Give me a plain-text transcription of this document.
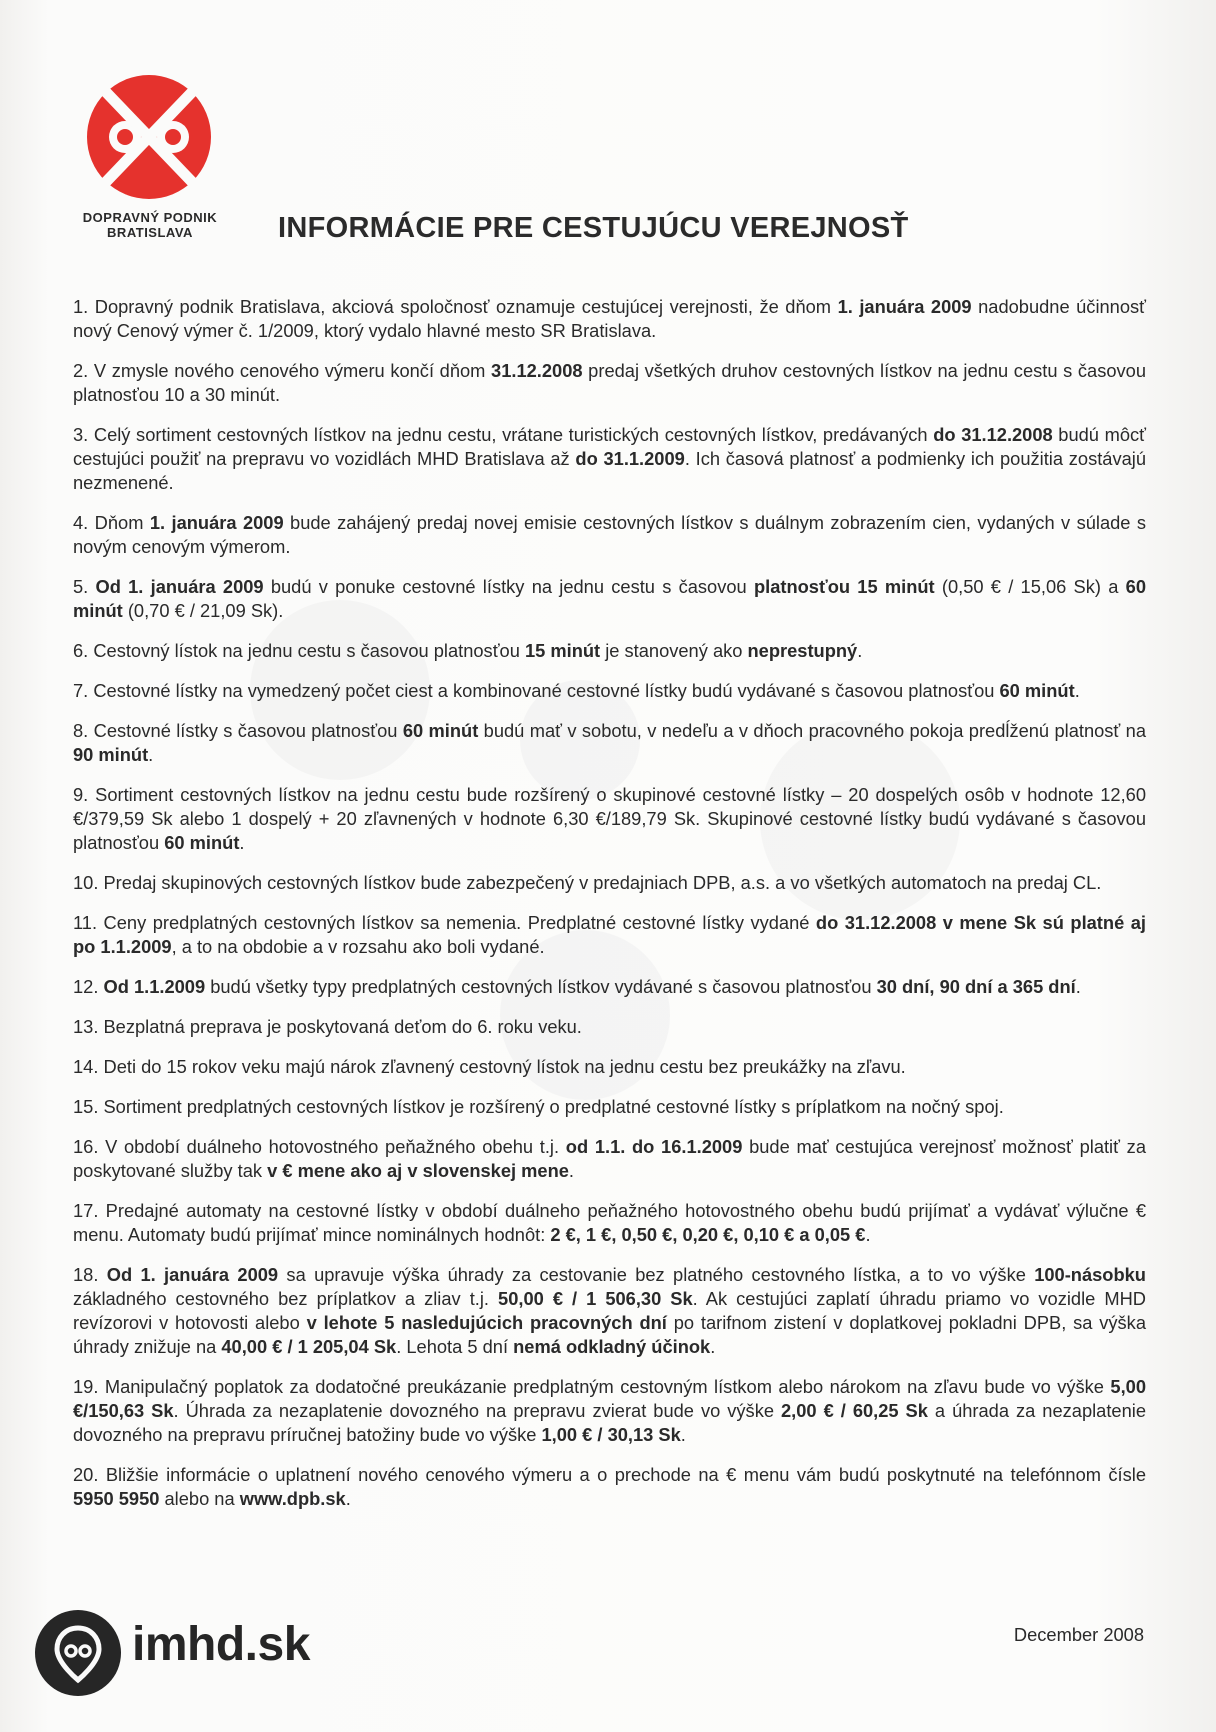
DOPRAVNÝ PODNIK
BRATISLAVA	INFORMÁCIE PRE CESTUJÚCU VEREJNOSŤ

1. Dopravný podnik Bratislava, akciová spoločnosť oznamuje cestujúcej verejnosti, že dňom 1. januára 2009 nadobudne účinnosť nový Cenový výmer č. 1/2009, ktorý vydalo hlavné mesto SR Bratislava.

2. V zmysle nového cenového výmeru končí dňom 31.12.2008 predaj všetkých druhov cestovných lístkov na jednu cestu s časovou platnosťou 10 a 30 minút.

3. Celý sortiment cestovných lístkov na jednu cestu, vrátane turistických cestovných lístkov, predávaných do 31.12.2008 budú môcť cestujúci použiť na prepravu vo vozidlách MHD Bratislava až do 31.1.2009. Ich časová platnosť a podmienky ich použitia zostávajú nezmenené.

4. Dňom 1. januára 2009 bude zahájený predaj novej emisie cestovných lístkov s duálnym zobrazením cien, vydaných v súlade s novým cenovým výmerom.

5. Od 1. januára 2009 budú v ponuke cestovné lístky na jednu cestu s časovou platnosťou 15 minút (0,50 € / 15,06 Sk) a 60 minút (0,70 € / 21,09 Sk).

6. Cestovný lístok na jednu cestu s časovou platnosťou 15 minút je stanovený ako neprestupný.

7. Cestovné lístky na vymedzený počet ciest a kombinované cestovné lístky budú vydávané s časovou platnosťou 60 minút.

8. Cestovné lístky s časovou platnosťou 60 minút budú mať v sobotu, v nedeľu a v dňoch pracovného pokoja predĺženú platnosť na 90 minút.

9. Sortiment cestovných lístkov na jednu cestu bude rozšírený o skupinové cestovné lístky – 20 dospelých osôb v hodnote 12,60 €/379,59 Sk alebo 1 dospelý + 20 zľavnených v hodnote 6,30 €/189,79 Sk. Skupinové cestovné lístky budú vydávané s časovou platnosťou 60 minút.

10. Predaj skupinových cestovných lístkov bude zabezpečený v predajniach DPB, a.s. a vo všetkých automatoch na predaj CL.

11. Ceny predplatných cestovných lístkov sa nemenia. Predplatné cestovné lístky vydané do 31.12.2008 v mene Sk sú platné aj po 1.1.2009, a to na obdobie a v rozsahu ako boli vydané.

12. Od 1.1.2009 budú všetky typy predplatných cestovných lístkov vydávané s časovou platnosťou 30 dní, 90 dní a 365 dní.

13. Bezplatná preprava je poskytovaná deťom do 6. roku veku.

14. Deti do 15 rokov veku majú nárok zľavnený cestovný lístok na jednu cestu bez preukážky na zľavu.

15. Sortiment predplatných cestovných lístkov je rozšírený o predplatné cestovné lístky s príplatkom na nočný spoj.

16. V období duálneho hotovostného peňažného obehu t.j. od 1.1. do 16.1.2009 bude mať cestujúca verejnosť možnosť platiť za poskytované služby tak v € mene ako aj v slovenskej mene.

17. Predajné automaty na cestovné lístky v období duálneho peňažného hotovostného obehu budú prijímať a vydávať výlučne € menu. Automaty budú prijímať mince nominálnych hodnôt: 2 €, 1 €, 0,50 €, 0,20 €, 0,10 € a 0,05 €.

18. Od 1. januára 2009 sa upravuje výška úhrady za cestovanie bez platného cestovného lístka, a to vo výške 100-násobku základného cestovného bez príplatkov a zliav t.j. 50,00 € / 1 506,30 Sk. Ak cestujúci zaplatí úhradu priamo vo vozidle MHD revízorovi v hotovosti alebo v lehote 5 nasledujúcich pracovných dní po tarifnom zistení v doplatkovej pokladni DPB, sa výška úhrady znižuje na 40,00 € / 1 205,04 Sk. Lehota 5 dní nemá odkladný účinok.

19. Manipulačný poplatok za dodatočné preukázanie predplatným cestovným lístkom alebo nárokom na zľavu bude vo výške 5,00 €/150,63 Sk. Úhrada za nezaplatenie dovozného na prepravu zvierat bude vo výške 2,00 € / 60,25 Sk a úhrada za nezaplatenie dovozného na prepravu príručnej batožiny bude vo výške 1,00 € / 30,13 Sk.

20. Bližšie informácie o uplatnení nového cenového výmeru a o prechode na € menu vám budú poskytnuté na telefónnom čísle 5950 5950 alebo na www.dpb.sk.

December 2008
imhd.sk
